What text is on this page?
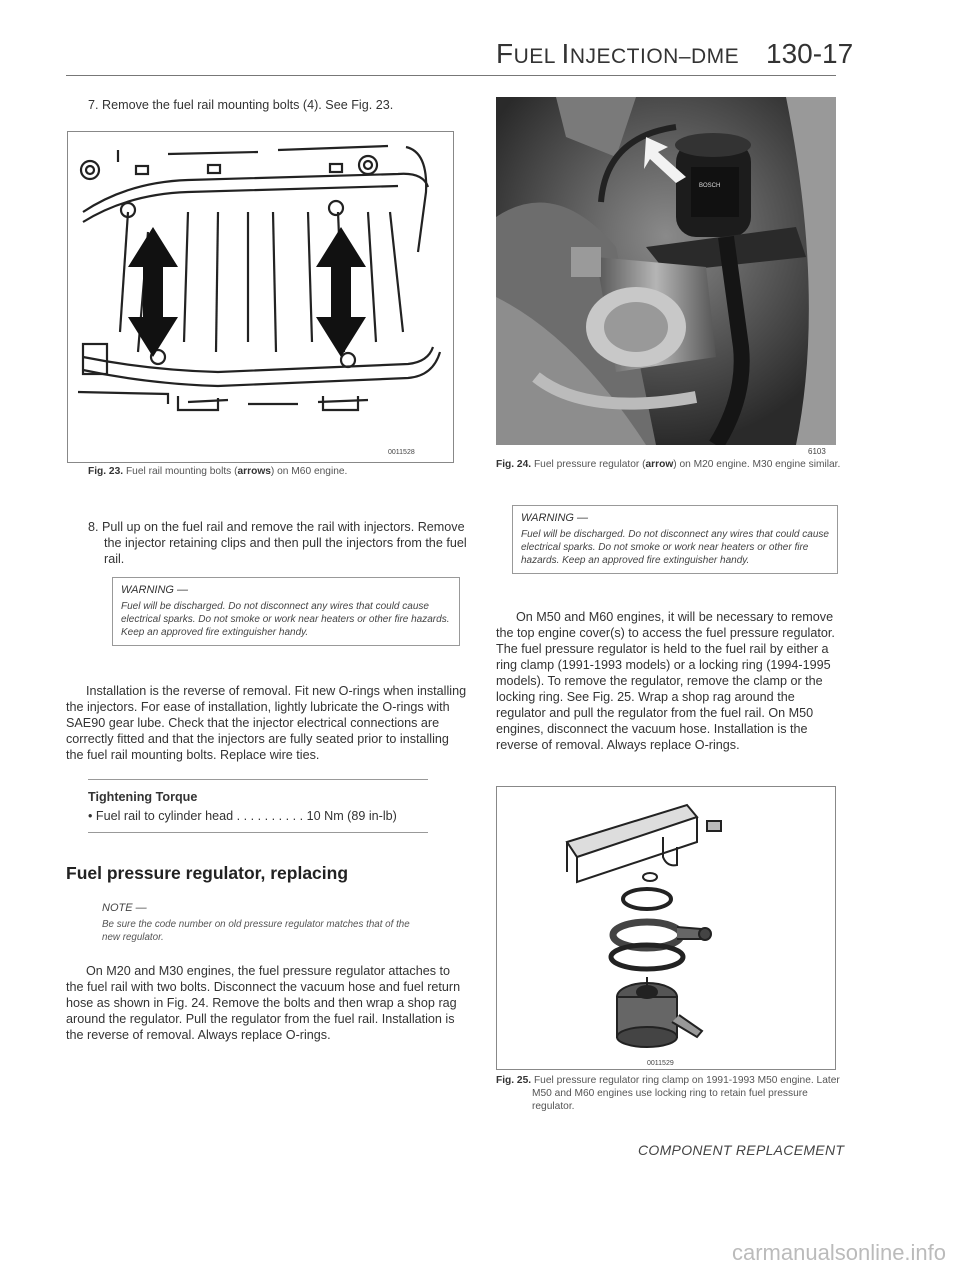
FUEL INJECTION–DME 130-17
7. Remove the fuel rail mounting bolts (4). See Fig. 23.
0011528
Fig. 23. Fuel rail mounting bolts (arrows) on M60 engine.
8. Pull up on the fuel rail and remove the rail with injectors. Remove the injector retaining clips and then pull the injectors from the fuel rail.
WARNING —
Fuel will be discharged. Do not disconnect any wires that could cause electrical sparks. Do not smoke or work near heaters or other fire hazards. Keep an approved fire extinguisher handy.
Installation is the reverse of removal. Fit new O-rings when installing the injectors. For ease of installation, lightly lubricate the O-rings with SAE90 gear lube. Check that the injector electrical connections are correctly fitted and that the injectors are fully seated prior to installing the fuel rail mounting bolts. Replace wire ties.
Tightening Torque
• Fuel rail to cylinder head . . . . . . . . . . 10 Nm (89 in-lb)
Fuel pressure regulator, replacing
NOTE —
Be sure the code number on old pressure regulator matches that of the new regulator.
On M20 and M30 engines, the fuel pressure regulator attaches to the fuel rail with two bolts. Disconnect the vacuum hose and fuel return hose as shown in Fig. 24. Remove the bolts and then wrap a shop rag around the regulator. Pull the regulator from the fuel rail. Installation is the reverse of removal. Always replace O-rings.
BOSCH
6103
Fig. 24. Fuel pressure regulator (arrow) on M20 engine. M30 engine similar.
WARNING —
Fuel will be discharged. Do not disconnect any wires that could cause electrical sparks. Do not smoke or work near heaters or other fire hazards. Keep an approved fire extinguisher handy.
On M50 and M60 engines, it will be necessary to remove the top engine cover(s) to access the fuel pressure regulator. The fuel pressure regulator is held to the fuel rail by either a ring clamp (1991-1993 models) or a locking ring (1994-1995 models). To remove the regulator, remove the clamp or the locking ring. See Fig. 25. Wrap a shop rag around the regulator and pull the regulator from the fuel rail. On M50 engines, disconnect the vacuum hose. Installation is the reverse of removal. Always replace O-rings.
0011529
Fig. 25. Fuel pressure regulator ring clamp on 1991-1993 M50 engine. Later M50 and M60 engines use locking ring to retain fuel pressure regulator.
COMPONENT REPLACEMENT
carmanualsonline.info
